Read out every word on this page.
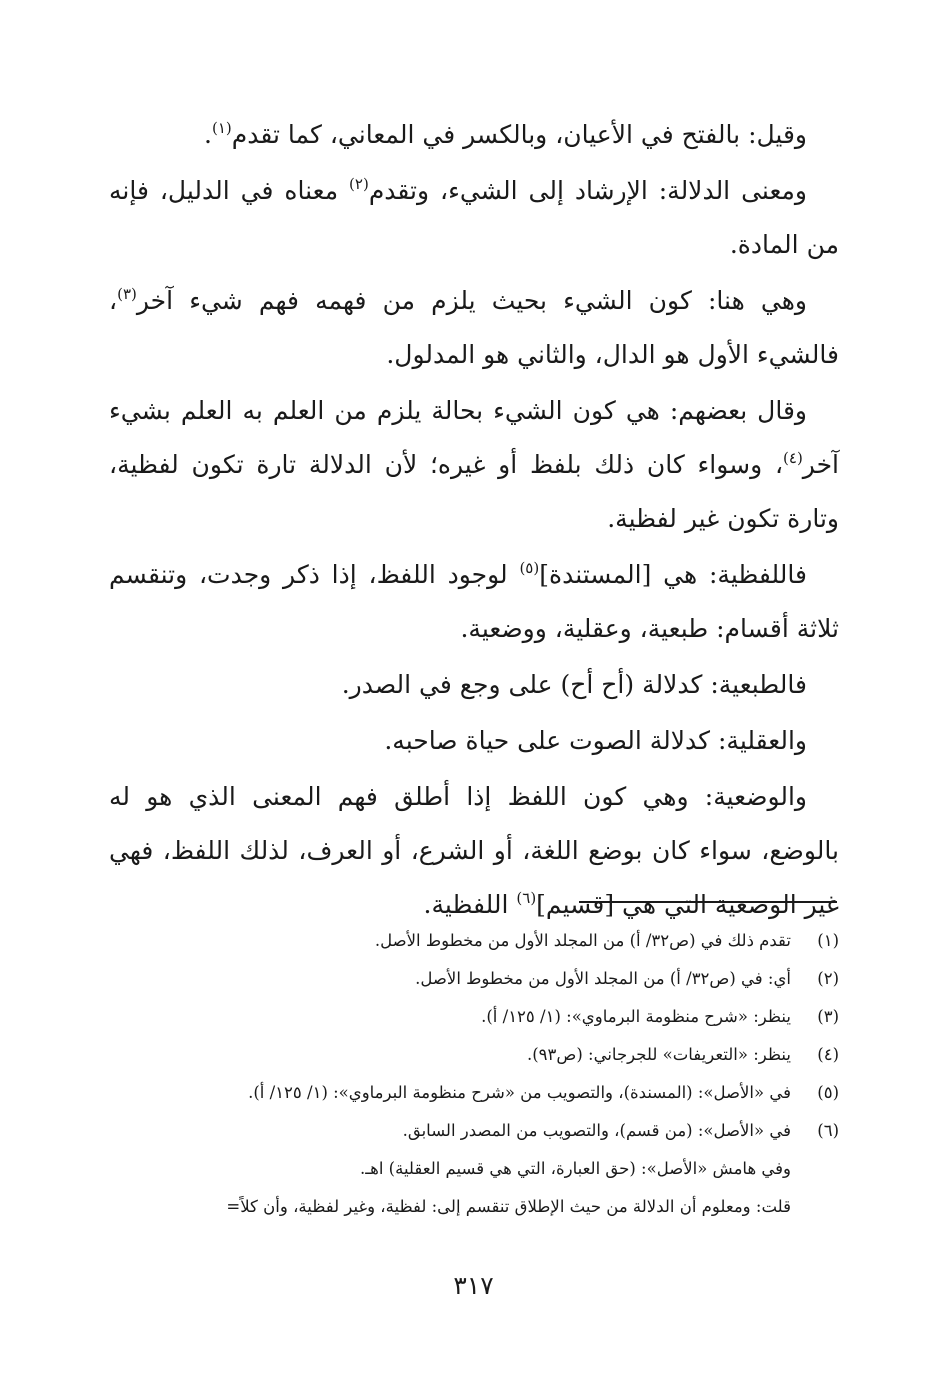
وقيل: بالفتح في الأعيان، وبالكسر في المعاني، كما تقدم$^{(١)}$.

ومعنى الدلالة: الإرشاد إلى الشيء، وتقدم$^{(٢)}$ معناه في الدليل، فإنه من المادة.

وهي هنا: كون الشيء بحيث يلزم من فهمه فهم شيء آخر$^{(٣)}$، فالشيء الأول هو الدال، والثاني هو المدلول.

وقال بعضهم: هي كون الشيء بحالة يلزم من العلم به العلم بشيء آخر$^{(٤)}$، وسواء كان ذلك بلفظ أو غيره؛ لأن الدلالة تارة تكون لفظية، وتارة تكون غير لفظية.

فاللفظية: هي [المستندة]$^{(٥)}$ لوجود اللفظ، إذا ذكر وجدت، وتنقسم ثلاثة أقسام: طبعية، وعقلية، ووضعية.

فالطبعية: كدلالة (أح أح) على وجع في الصدر.

والعقلية: كدلالة الصوت على حياة صاحبه.

والوضعية: وهي كون اللفظ إذا أطلق فهم المعنى الذي هو له بالوضع، سواء كان بوضع اللغة، أو الشرع، أو العرف، لذلك اللفظ، فهي غير الوضعية التي هي [قسيم]$^{(٦)}$ اللفظية.

(١)
تقدم ذلك في (ص٣٢/ أ) من المجلد الأول من مخطوط الأصل.
(٢)
أي: في (ص٣٢/ أ) من المجلد الأول من مخطوط الأصل.
(٣)
ينظر: «شرح منظومة البرماوي»: (١/ ١٢٥/ أ).
(٤)
ينظر: «التعريفات» للجرجاني: (ص٩٣).
(٥)
في «الأصل»: (المسندة)، والتصويب من «شرح منظومة البرماوي»: (١/ ١٢٥/ أ).
(٦)
في «الأصل»: (من قسم)، والتصويب من المصدر السابق.
وفي هامش «الأصل»: (حق العبارة، التي هي قسيم العقلية) اهـ.
قلت: ومعلوم أن الدلالة من حيث الإطلاق تنقسم إلى: لفظية، وغير لفظية، وأن كلاً=
٣١٧
